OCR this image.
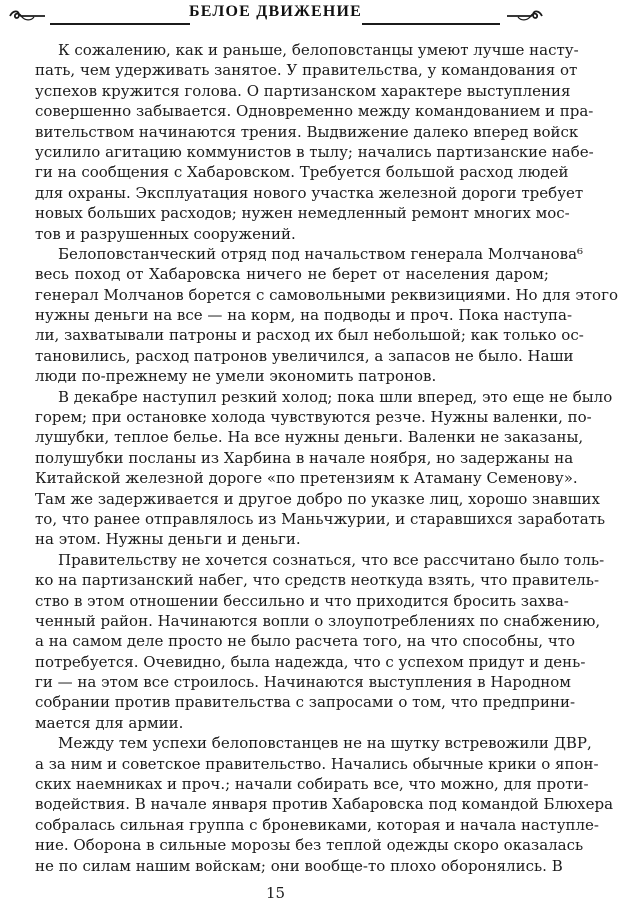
БЕЛОЕ ДВИЖЕНИЕ
К сожалению, как и раньше, белоповстанцы умеют лучше насту-
пать, чем удерживать занятое. У правительства, у командования от
успехов кружится голова. О партизанском характере выступления
совершенно забывается. Одновременно между командованием и пра-
вительством начинаются трения. Выдвижение далеко вперед войск
усилило агитацию коммунистов в тылу; начались партизанские набе-
ги на сообщения с Хабаровском. Требуется большой расход людей
для охраны. Эксплуатация нового участка железной дороги требует
новых больших расходов; нужен немедленный ремонт многих мос-
тов и разрушенных сооружений.
Белоповстанческий отряд под начальством генерала Молчанова⁶
весь поход от Хабаровска ничего не берет от населения даром;
генерал Молчанов борется с самовольными реквизициями. Но для этого
нужны деньги на все — на корм, на подводы и проч. Пока наступа-
ли, захватывали патроны и расход их был небольшой; как только ос-
тановились, расход патронов увеличился, а запасов не было. Наши
люди по-прежнему не умели экономить патронов.
В декабре наступил резкий холод; пока шли вперед, это еще не было
горем; при остановке холода чувствуются резче. Нужны валенки, по-
лушубки, теплое белье. На все нужны деньги. Валенки не заказаны,
полушубки посланы из Харбина в начале ноября, но задержаны на
Китайской железной дороге «по претензиям к Атаману Семенову».
Там же задерживается и другое добро по указке лиц, хорошо знавших
то, что ранее отправлялось из Маньчжурии, и старавшихся заработать
на этом. Нужны деньги и деньги.
Правительству не хочется сознаться, что все рассчитано было толь-
ко на партизанский набег, что средств неоткуда взять, что правитель-
ство в этом отношении бессильно и что приходится бросить захва-
ченный район. Начинаются вопли о злоупотреблениях по снабжению,
а на самом деле просто не было расчета того, на что способны, что
потребуется. Очевидно, была надежда, что с успехом придут и день-
ги — на этом все строилось. Начинаются выступления в Народном
собрании против правительства с запросами о том, что предприни-
мается для армии.
Между тем успехи белоповстанцев не на шутку встревожили ДВР,
а за ним и советское правительство. Начались обычные крики о япон-
ских наемниках и проч.; начали собирать все, что можно, для проти-
водействия. В начале января против Хабаровска под командой Блюхера
собралась сильная группа с броневиками, которая и начала наступле-
ние. Оборона в сильные морозы без теплой одежды скоро оказалась
не по силам нашим войскам; они вообще-то плохо оборонялись. В
15
